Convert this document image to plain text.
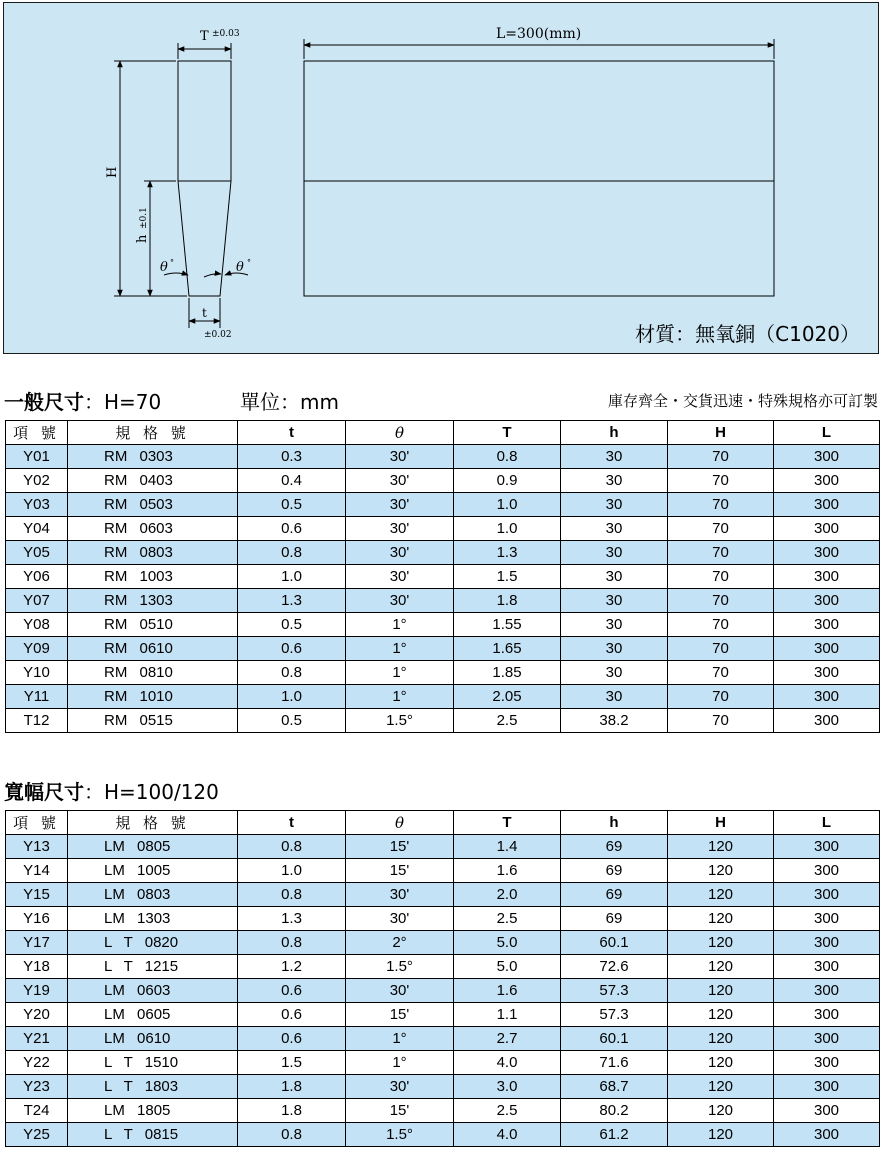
T ±0.03
H
h
±0.1
θ °	θ °
t
±0.02
L=300(mm)
材質：無氧銅（C1020）
一般尺寸：H=70	單位：mm	庫存齊全・交貨迅速・特殊規格亦可訂製
項 號	規 格 號	t	θ	T	h	H	L
Y01	RM 0303	0.3	30'	0.8	30	70	300
Y02	RM 0403	0.4	30'	0.9	30	70	300
Y03	RM 0503	0.5	30'	1.0	30	70	300
Y04	RM 0603	0.6	30'	1.0	30	70	300
Y05	RM 0803	0.8	30'	1.3	30	70	300
Y06	RM 1003	1.0	30'	1.5	30	70	300
Y07	RM 1303	1.3	30'	1.8	30	70	300
Y08	RM 0510	0.5	1°	1.55	30	70	300
Y09	RM 0610	0.6	1°	1.65	30	70	300
Y10	RM 0810	0.8	1°	1.85	30	70	300
Y11	RM 1010	1.0	1°	2.05	30	70	300
T12	RM 0515	0.5	1.5°	2.5	38.2	70	300
寬幅尺寸：H=100/120
項 號	規 格 號	t	θ	T	h	H	L
Y13	LM 0805	0.8	15'	1.4	69	120	300
Y14	LM 1005	1.0	15'	1.6	69	120	300
Y15	LM 0803	0.8	30'	2.0	69	120	300
Y16	LM 1303	1.3	30'	2.5	69	120	300
Y17	L T 0820	0.8	2°	5.0	60.1	120	300
Y18	L T 1215	1.2	1.5°	5.0	72.6	120	300
Y19	LM 0603	0.6	30'	1.6	57.3	120	300
Y20	LM 0605	0.6	15'	1.1	57.3	120	300
Y21	LM 0610	0.6	1°	2.7	60.1	120	300
Y22	L T 1510	1.5	1°	4.0	71.6	120	300
Y23	L T 1803	1.8	30'	3.0	68.7	120	300
T24	LM 1805	1.8	15'	2.5	80.2	120	300
Y25	L T 0815	0.8	1.5°	4.0	61.2	120	300
